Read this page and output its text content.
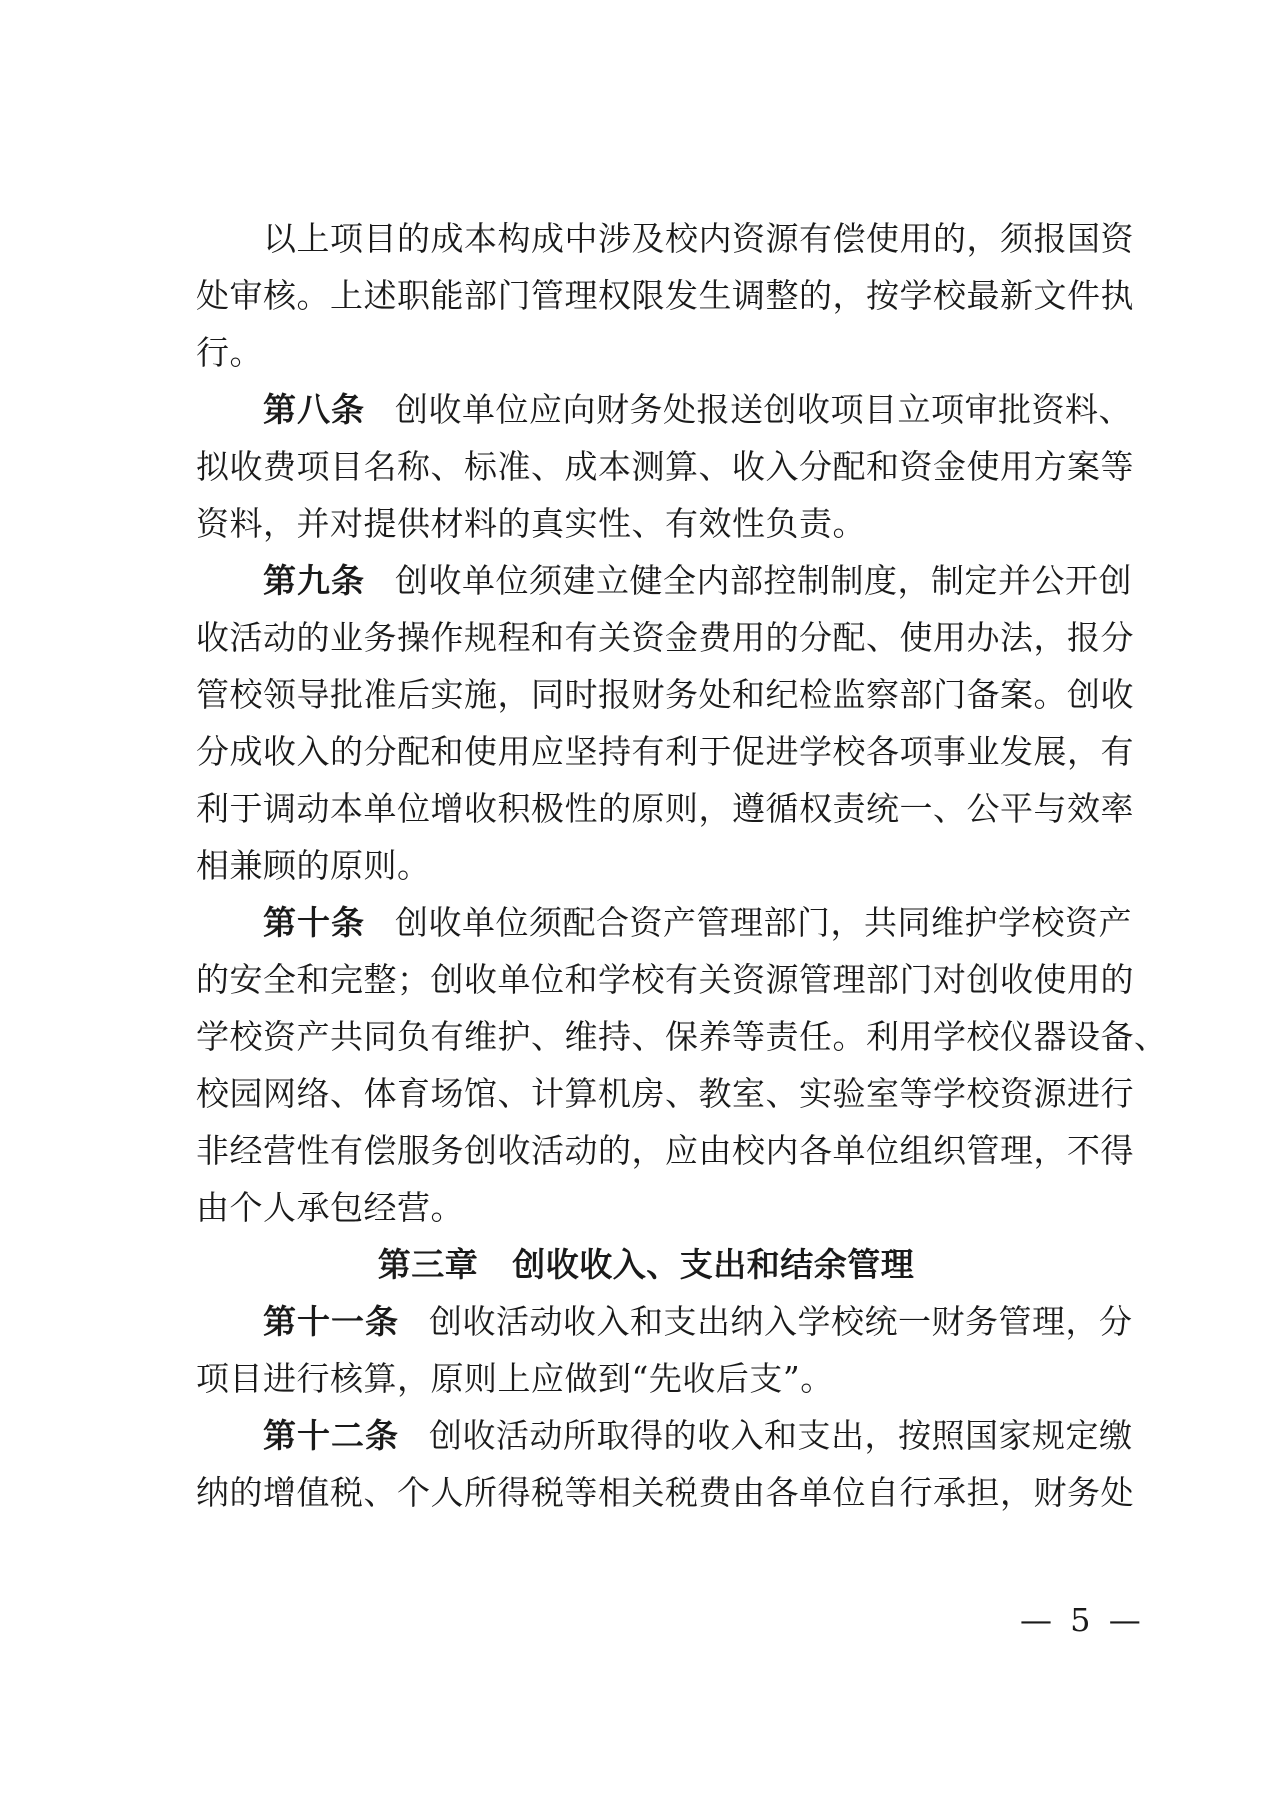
以上项目的成本构成中涉及校内资源有偿使用的，须报国资
处审核。上述职能部门管理权限发生调整的，按学校最新文件执
行。
第八条 创收单位应向财务处报送创收项目立项审批资料、
拟收费项目名称、标准、成本测算、收入分配和资金使用方案等
资料，并对提供材料的真实性、有效性负责。
第九条 创收单位须建立健全内部控制制度，制定并公开创
收活动的业务操作规程和有关资金费用的分配、使用办法，报分
管校领导批准后实施，同时报财务处和纪检监察部门备案。创收
分成收入的分配和使用应坚持有利于促进学校各项事业发展，有
利于调动本单位增收积极性的原则，遵循权责统一、公平与效率
相兼顾的原则。
第十条 创收单位须配合资产管理部门，共同维护学校资产
的安全和完整；创收单位和学校有关资源管理部门对创收使用的
学校资产共同负有维护、维持、保养等责任。利用学校仪器设备、
校园网络、体育场馆、计算机房、教室、实验室等学校资源进行
非经营性有偿服务创收活动的，应由校内各单位组织管理，不得
由个人承包经营。
第三章 创收收入、支出和结余管理
第十一条 创收活动收入和支出纳入学校统一财务管理，分
项目进行核算，原则上应做到“先收后支”。
第十二条 创收活动所取得的收入和支出，按照国家规定缴
纳的增值税、个人所得税等相关税费由各单位自行承担，财务处
— 5 —
